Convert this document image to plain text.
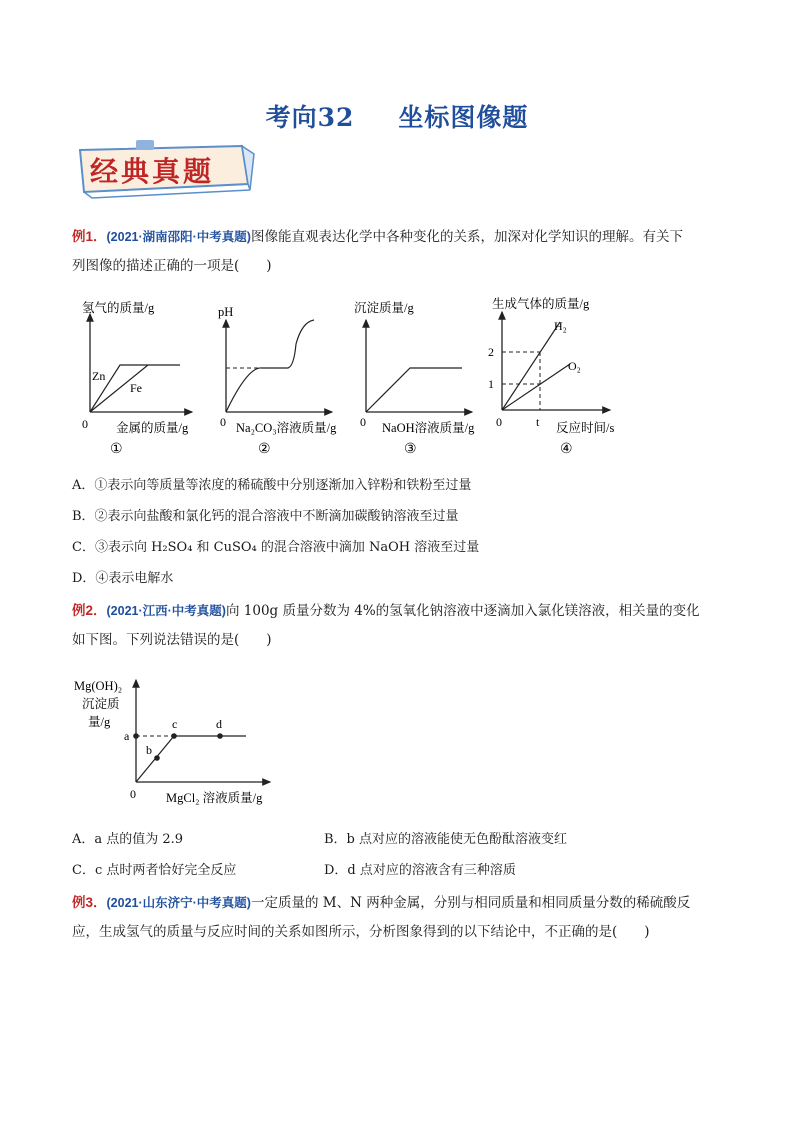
考向32 坐标图像题
经典真题
例1．(2021·湖南邵阳·中考真题)图像能直观表达化学中各种变化的关系，加深对化学知识的理解。有关下
列图像的描述正确的一项是(　　)
氢气的质量/g
Zn
Fe
0 金属的质量/g
①
pH
0 Na₂CO₃溶液质量/g
②
沉淀质量/g
0 NaOH溶液质量/g
③
生成气体的质量/g
2
1
H₂
O₂
0	t 反应时间/s
④
A．①表示向等质量等浓度的稀硫酸中分别逐渐加入锌粉和铁粉至过量
B．②表示向盐酸和氯化钙的混合溶液中不断滴加碳酸钠溶液至过量
C．③表示向 H₂SO₄ 和 CuSO₄ 的混合溶液中滴加 NaOH 溶液至过量
D．④表示电解水
例2．(2021·江西·中考真题)向 100g 质量分数为 4%的氢氧化钠溶液中逐滴加入氯化镁溶液，相关量的变化
如下图。下列说法错误的是(　　)
Mg(OH)₂
沉淀质
量/g
a
b
c	d
0 MgCl₂ 溶液质量/g
A．a 点的值为 2.9	B．b 点对应的溶液能使无色酚酞溶液变红
C．c 点时两者恰好完全反应	D．d 点对应的溶液含有三种溶质
例3．(2021·山东济宁·中考真题)一定质量的 M、N 两种金属，分别与相同质量和相同质量分数的稀硫酸反
应，生成氢气的质量与反应时间的关系如图所示，分析图象得到的以下结论中，不正确的是(　　)
